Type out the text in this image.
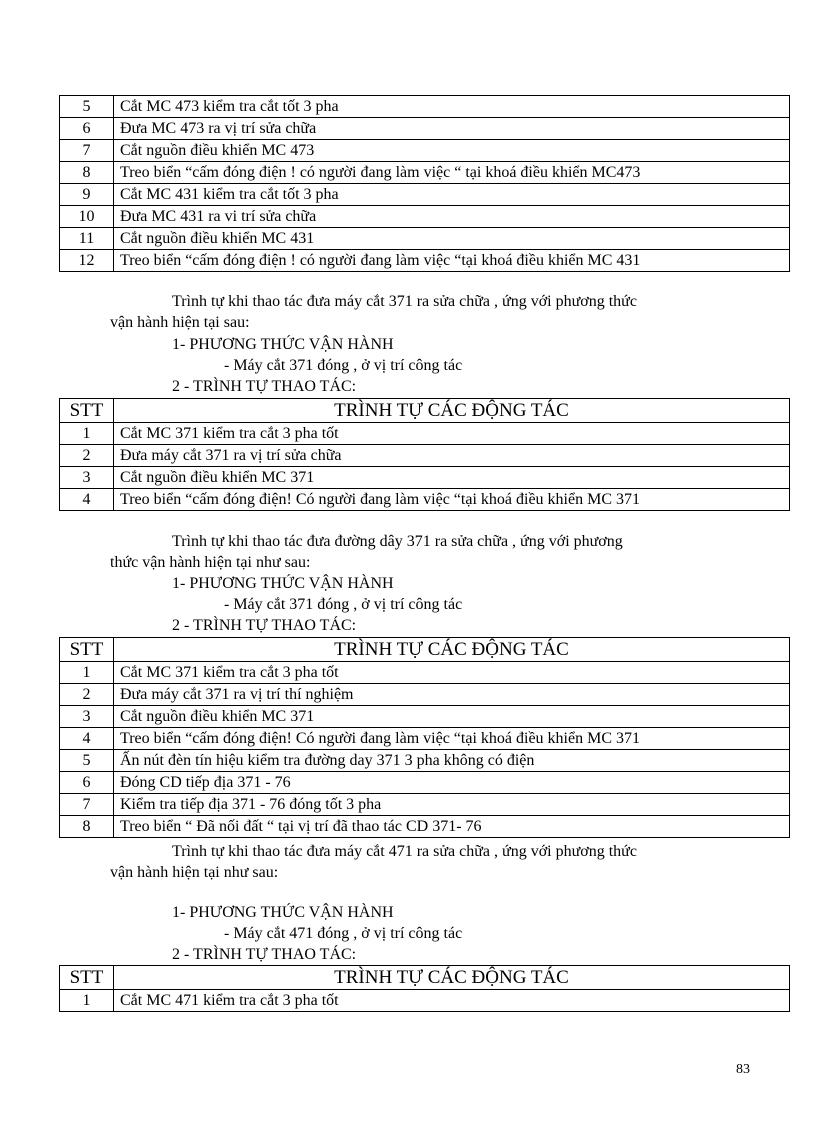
5	Cắt MC 473 kiểm tra cắt tốt 3 pha
6	Đưa MC 473 ra vị trí sửa chữa
7	Cắt nguồn điều khiển MC 473
8	Treo biển “cấm đóng điện ! có người đang làm việc “ tại khoá điều khiển MC473
9	Cắt MC 431 kiểm tra cắt tốt 3 pha
10	Đưa MC 431 ra vi trí sửa chữa
11	Cắt nguồn điều khiển MC 431
12	Treo biển “cấm đóng điện ! có người đang làm việc “tại khoá điều khiển MC 431

Trình tự khi thao tác đưa máy cắt 371 ra sửa chữa , ứng với phương thức

vận hành hiện tại sau:

1- PHƯƠNG THỨC VẬN HÀNH

- Máy cắt 371 đóng , ở vị trí công tác

2 - TRÌNH TỰ THAO TÁC:

STT	TRÌNH TỰ CÁC ĐỘNG TÁC
1	Cắt MC 371 kiểm tra cắt 3 pha tốt
2	Đưa máy cắt 371 ra vị trí sửa chữa
3	Cắt nguồn điều khiển MC 371
4	Treo biển “cấm đóng điện! Có người đang làm việc “tại khoá điều khiển MC 371

Trình tự khi thao tác đưa đường dây 371 ra sửa chữa , ứng với phương

thức vận hành hiện tại như sau:

1- PHƯƠNG THỨC VẬN HÀNH

- Máy cắt 371 đóng , ở vị trí công tác

2 - TRÌNH TỰ THAO TÁC:

STT	TRÌNH TỰ CÁC ĐỘNG TÁC
1	Cắt MC 371 kiểm tra cắt 3 pha tốt
2	Đưa máy cắt 371 ra vị trí thí nghiệm
3	Cắt nguồn điều khiển MC 371
4	Treo biển “cấm đóng điện! Có người đang làm việc “tại khoá điều khiển MC 371
5	Ấn nút đèn tín hiệu kiểm tra đường day 371 3 pha không có điện
6	Đóng CD tiếp địa 371 - 76
7	Kiểm tra tiếp địa 371 - 76 đóng tốt 3 pha
8	Treo biển “ Đã nối đất “ tại vị trí đã thao tác CD 371- 76

Trình tự khi thao tác đưa máy cắt 471 ra sửa chữa , ứng với phương thức

vận hành hiện tại như sau:

1- PHƯƠNG THỨC VẬN HÀNH

- Máy cắt 471 đóng , ở vị trí công tác

2 - TRÌNH TỰ THAO TÁC:

STT	TRÌNH TỰ CÁC ĐỘNG TÁC
1	Cắt MC 471 kiểm tra cắt 3 pha tốt
83
